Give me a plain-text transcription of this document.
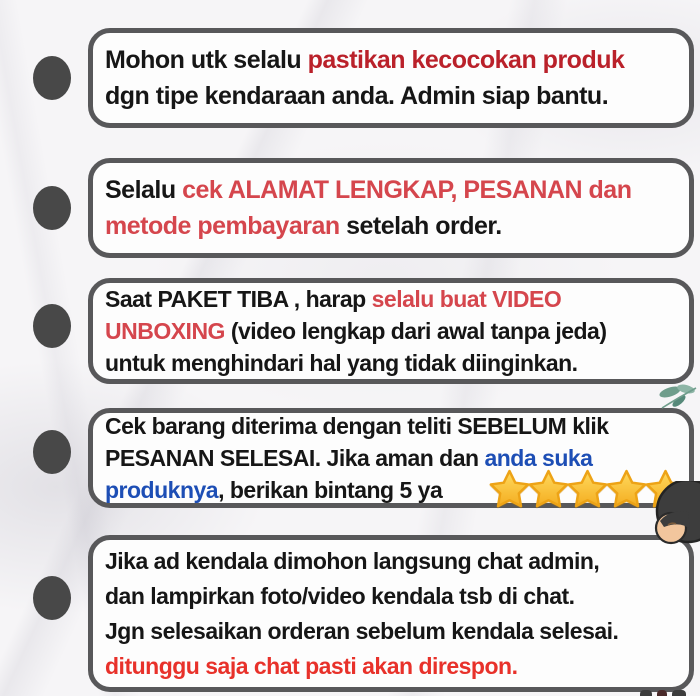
Mohon utk selalu pastikan kecocokan produk
dgn tipe kendaraan anda. Admin siap bantu.
Selalu cek ALAMAT LENGKAP, PESANAN dan
metode pembayaran setelah order.
Saat PAKET TIBA , harap selalu buat VIDEO
UNBOXING (video lengkap dari awal tanpa jeda)
untuk menghindari hal yang tidak diinginkan.
Cek barang diterima dengan teliti SEBELUM klik
PESANAN SELESAI. Jika aman dan anda suka
produknya, berikan bintang 5 ya
Jika ad kendala dimohon langsung chat admin,
dan lampirkan foto/video kendala tsb di chat.
Jgn selesaikan orderan sebelum kendala selesai.
ditunggu saja chat pasti akan direspon.
